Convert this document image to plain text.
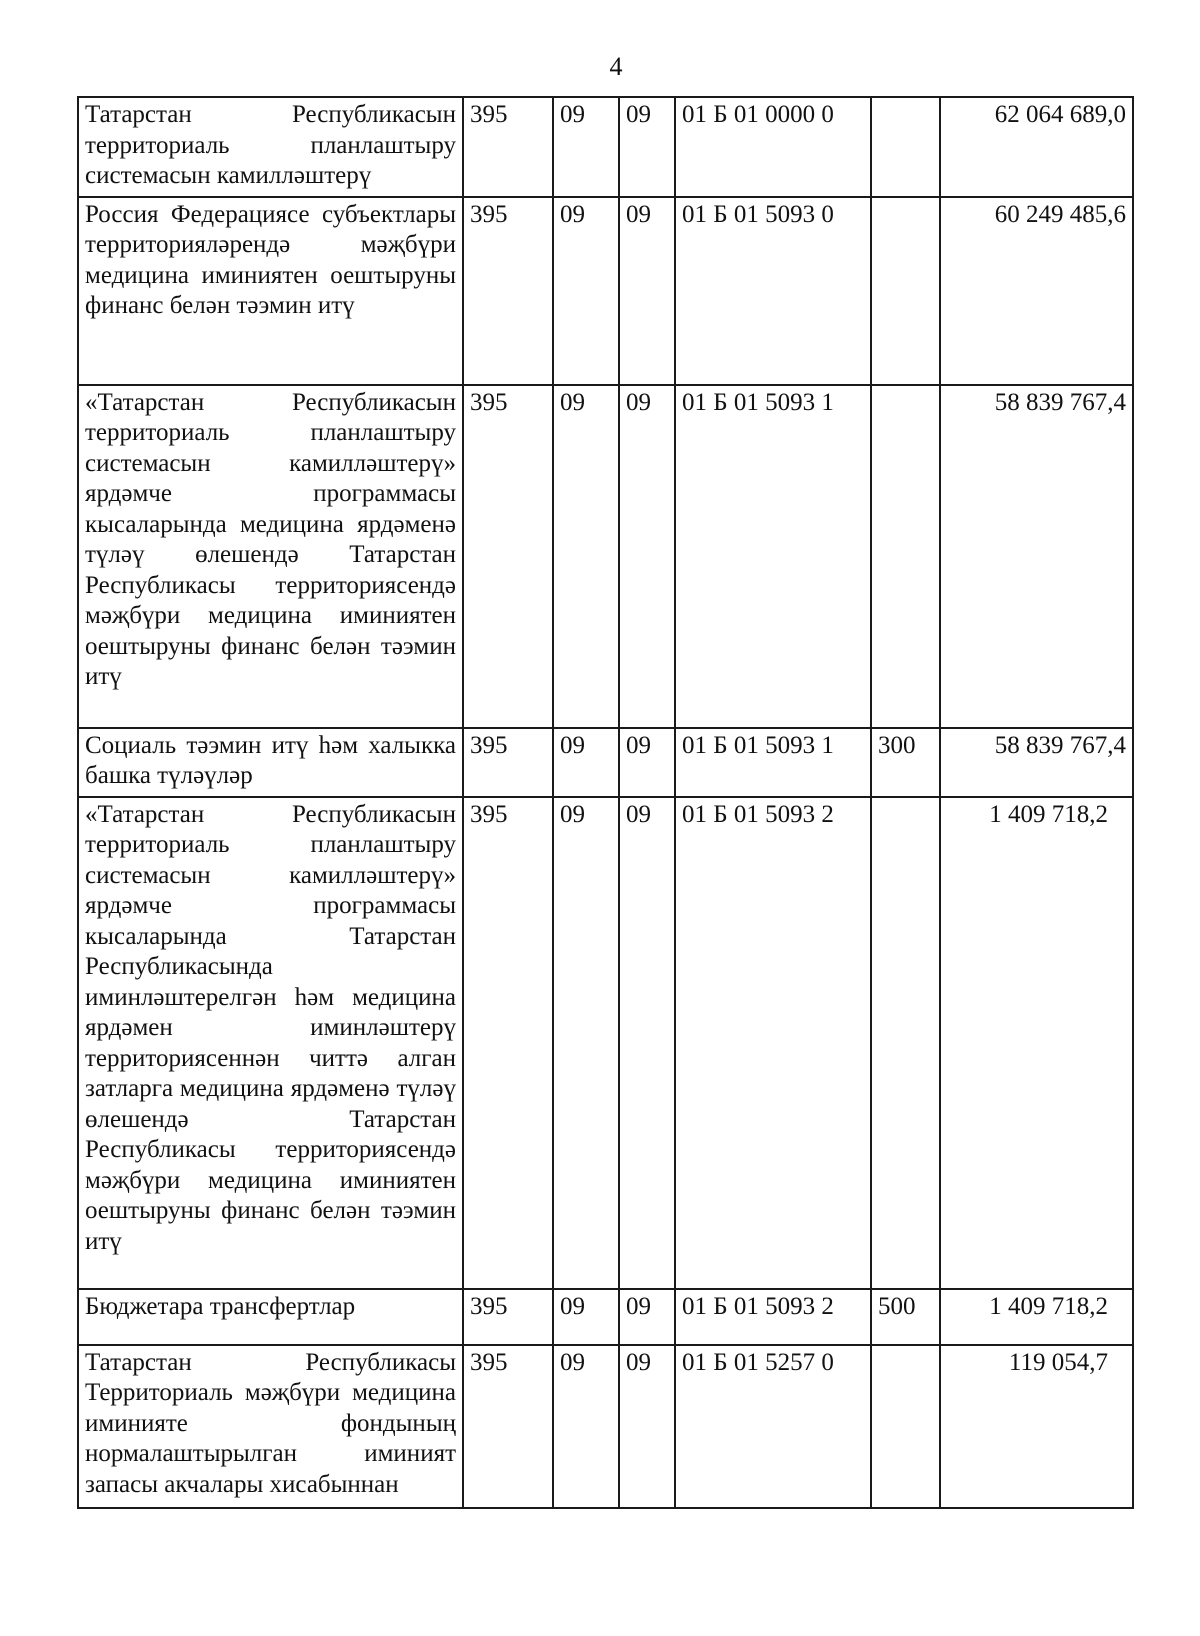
4
Татарстан Республикасын территориаль планлаштыру системасын камилләштерү	395	09	09	01 Б 01 0000 0		62 064 689,0
Россия Федерациясе субъектлары территорияләрендә мәҗбүри медицина иминиятен оештыруны финанс белән тәэмин итү	395	09	09	01 Б 01 5093 0		60 249 485,6
«Татарстан Республикасын территориаль планлаштыру системасын камилләштерү» ярдәмче программасы кысаларында медицина ярдәменә түләү өлешендә Татарстан Республикасы территориясендә мәҗбүри медицина иминиятен оештыруны финанс белән тәэмин итү	395	09	09	01 Б 01 5093 1		58 839 767,4
Социаль тәэмин итү һәм халыкка башка түләүләр	395	09	09	01 Б 01 5093 1	300	58 839 767,4
«Татарстан Республикасын территориаль планлаштыру системасын камилләштерү» ярдәмче программасы кысаларында Татарстан Республикасында иминләштерелгән һәм медицина ярдәмен иминләштерү территориясеннән читтә алган затларга медицина ярдәменә түләү өлешендә Татарстан Республикасы территориясендә мәҗбүри медицина иминиятен оештыруны финанс белән тәэмин итү	395	09	09	01 Б 01 5093 2		1 409 718,2
Бюджетара трансфертлар	395	09	09	01 Б 01 5093 2	500	1 409 718,2
Татарстан Республикасы Территориаль мәҗбүри медицина иминияте фондының нормалаштырылган иминият запасы акчалары хисабыннан	395	09	09	01 Б 01 5257 0		119 054,7
